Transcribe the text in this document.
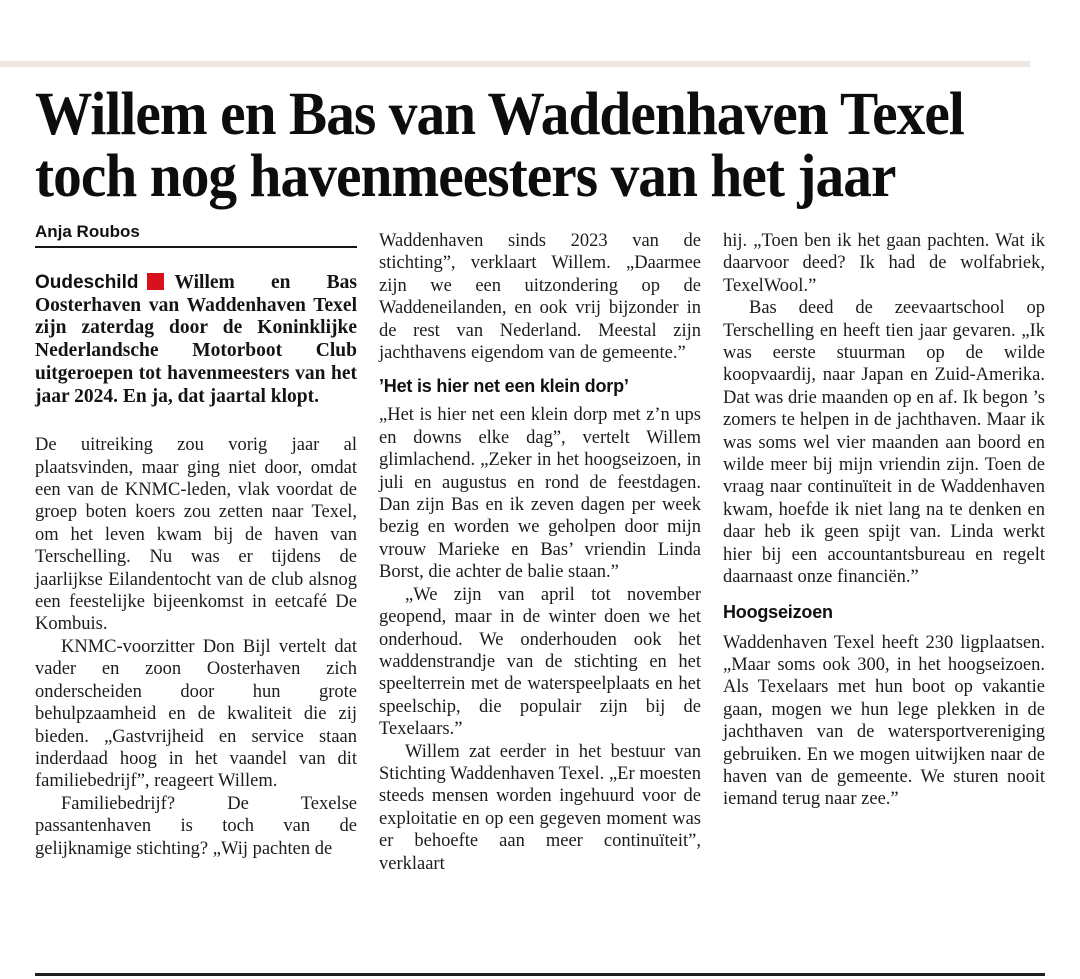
Willem en Bas van Waddenhaven Texel
toch nog havenmeesters van het jaar
Anja Roubos

Oudeschild Willem en Bas Oosterhaven van Waddenhaven Texel zijn zaterdag door de Koninklijke Nederlandsche Motorboot Club uitgeroepen tot havenmeesters van het jaar 2024. En ja, dat jaartal klopt.

De uitreiking zou vorig jaar al plaatsvinden, maar ging niet door, omdat een van de KNMC-leden, vlak voordat de groep boten koers zou zetten naar Texel, om het leven kwam bij de haven van Terschelling. Nu was er tijdens de jaarlijkse Eilandentocht van de club alsnog een feestelijke bijeenkomst in eetcafé De Kombuis.

KNMC-voorzitter Don Bijl vertelt dat vader en zoon Oosterhaven zich onderscheiden door hun grote behulpzaamheid en de kwaliteit die zij bieden. „Gastvrijheid en service staan inderdaad hoog in het vaandel van dit familiebedrijf”, reageert Willem.

Familiebedrijf? De Texelse passantenhaven is toch van de gelijknamige stichting? „Wij pachten de

Waddenhaven sinds 2023 van de stichting”, verklaart Willem. „Daarmee zijn we een uitzondering op de Waddeneilanden, en ook vrij bijzonder in de rest van Nederland. Meestal zijn jachthavens eigendom van de gemeente.”

’Het is hier net een klein dorp’

„Het is hier net een klein dorp met z’n ups en downs elke dag”, vertelt Willem glimlachend. „Zeker in het hoogseizoen, in juli en augustus en rond de feestdagen. Dan zijn Bas en ik zeven dagen per week bezig en worden we geholpen door mijn vrouw Marieke en Bas’ vriendin Linda Borst, die achter de balie staan.”

„We zijn van april tot november geopend, maar in de winter doen we het onderhoud. We onderhouden ook het waddenstrandje van de stichting en het speelterrein met de waterspeelplaats en het speelschip, die populair zijn bij de Texelaars.”

Willem zat eerder in het bestuur van Stichting Waddenhaven Texel. „Er moesten steeds mensen worden ingehuurd voor de exploitatie en op een gegeven moment was er behoefte aan meer continuïteit”, verklaart

hij. „Toen ben ik het gaan pachten. Wat ik daarvoor deed? Ik had de wolfabriek, TexelWool.”

Bas deed de zeevaartschool op Terschelling en heeft tien jaar gevaren. „Ik was eerste stuurman op de wilde koopvaardij, naar Japan en Zuid-Amerika. Dat was drie maanden op en af. Ik begon ’s zomers te helpen in de jachthaven. Maar ik was soms wel vier maanden aan boord en wilde meer bij mijn vriendin zijn. Toen de vraag naar continuïteit in de Waddenhaven kwam, hoefde ik niet lang na te denken en daar heb ik geen spijt van. Linda werkt hier bij een accountantsbureau en regelt daarnaast onze financiën.”

Hoogseizoen

Waddenhaven Texel heeft 230 ligplaatsen. „Maar soms ook 300, in het hoogseizoen. Als Texelaars met hun boot op vakantie gaan, mogen we hun lege plekken in de jachthaven van de watersportvereniging gebruiken. En we mogen uitwijken naar de haven van de gemeente. We sturen nooit iemand terug naar zee.”
